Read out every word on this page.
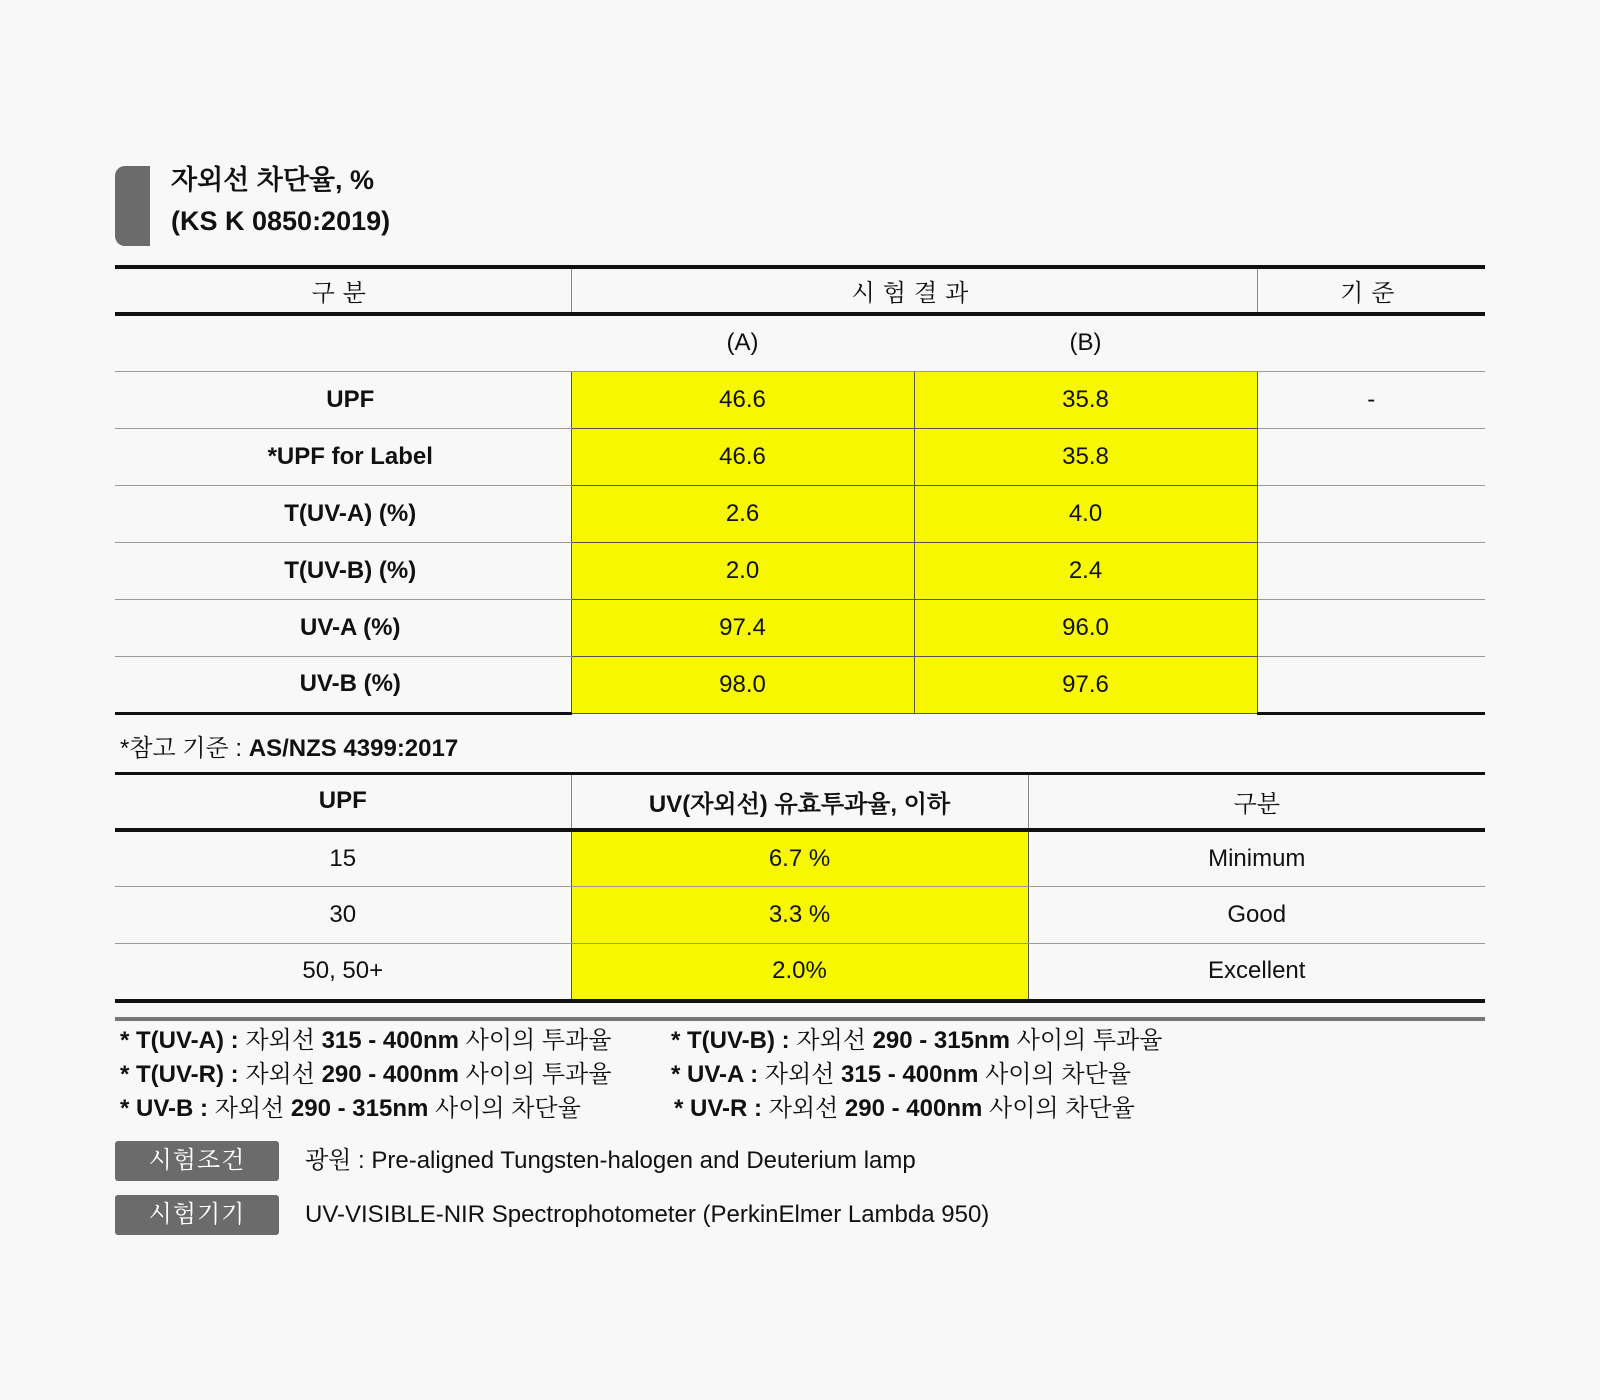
자외선 차단율, %
(KS K 0850:2019)
구분	시험결과		기준
	(A)	(B)	
UPF	46.6	35.8	-
*UPF for Label	46.6	35.8	
T(UV-A) (%)	2.6	4.0	
T(UV-B) (%)	2.0	2.4	
UV-A (%)	97.4	96.0	
UV-B (%)	98.0	97.6	
*참고 기준 : AS/NZS 4399:2017
UPF	UV(자외선) 유효투과율, 이하	구분
15	6.7 %	Minimum
30	3.3 %	Good
50, 50+	2.0%	Excellent
* T(UV-A) : 자외선 315 - 400nm 사이의 투과율 * T(UV-B) : 자외선 290 - 315nm 사이의 투과율
* T(UV-R) : 자외선 290 - 400nm 사이의 투과율 * UV-A : 자외선 315 - 400nm 사이의 차단율
* UV-B : 자외선 290 - 315nm 사이의 차단율	* UV-R : 자외선 290 - 400nm 사이의 차단율
시험조건	광원 : Pre-aligned Tungsten-halogen and Deuterium lamp
시험기기	UV-VISIBLE-NIR Spectrophotometer (PerkinElmer Lambda 950)
